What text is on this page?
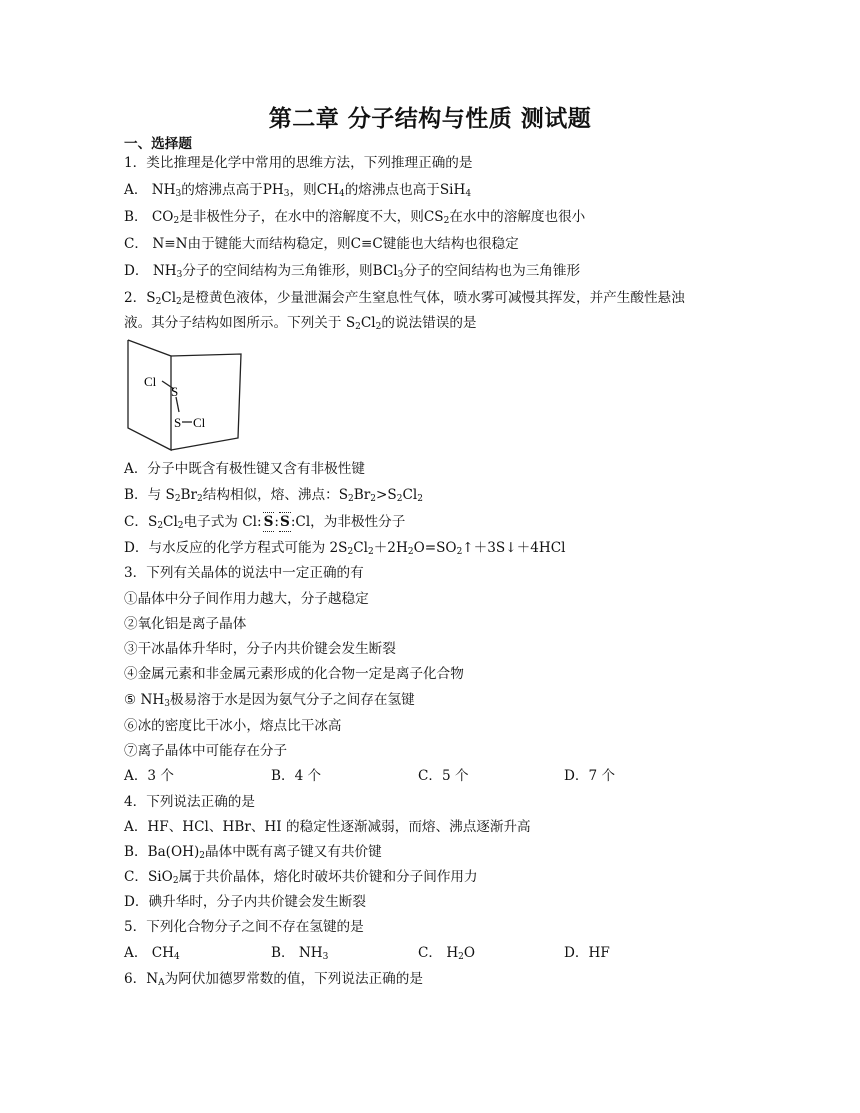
第二章 分子结构与性质 测试题
一、选择题
1．类比推理是化学中常用的思维方法，下列推理正确的是
A． $NH_3$的熔沸点高于$PH_3$，则$CH_4$的熔沸点也高于SiH$_4$
B． $CO_2$是非极性分子，在水中的溶解度不大，则$CS_2$在水中的溶解度也很小
C． N≡N由于键能大而结构稳定，则C≡C键能也大结构也很稳定
D． $NH_3$分子的空间结构为三角锥形，则BCl$_3$分子的空间结构也为三角锥形
2．$S_2Cl_2$是橙黄色液体，少量泄漏会产生窒息性气体，喷水雾可减慢其挥发，并产生酸性悬浊
液。其分子结构如图所示。下列关于 $S_2Cl_2$的说法错误的是
Cl
S
S Cl
A．分子中既含有极性键又含有非极性键
B．与 $S_2Br_2$结构相似，熔、沸点：$S_2Br_2>S_2Cl_2$
C．$S_2Cl_2$电子式为 Cl:S:S:Cl，为非极性分子
D．与水反应的化学方程式可能为 $2S_2Cl_2+2H_2O=SO_2↑+3S↓+4HCl$
3．下列有关晶体的说法中一定正确的有
①晶体中分子间作用力越大，分子越稳定
②氧化铝是离子晶体
③干冰晶体升华时，分子内共价键会发生断裂
④金属元素和非金属元素形成的化合物一定是离子化合物
⑤ $NH_3$极易溶于水是因为氨气分子之间存在氢键
⑥冰的密度比干冰小，熔点比干冰高
⑦离子晶体中可能存在分子
A．3 个	B．4 个	C．5 个	D．7 个
4．下列说法正确的是
A．HF、HCl、HBr、HI 的稳定性逐渐减弱，而熔、沸点逐渐升高
B．$Ba(OH)_2$晶体中既有离子键又有共价键
C．SiO$_2$属于共价晶体，熔化时破坏共价键和分子间作用力
D．碘升华时，分子内共价键会发生断裂
5．下列化合物分子之间不存在氢键的是
A． $CH_4$	B． $NH_3$	C． $H_2O$	D．HF
6．$N_A$为阿伏加德罗常数的值，下列说法正确的是
